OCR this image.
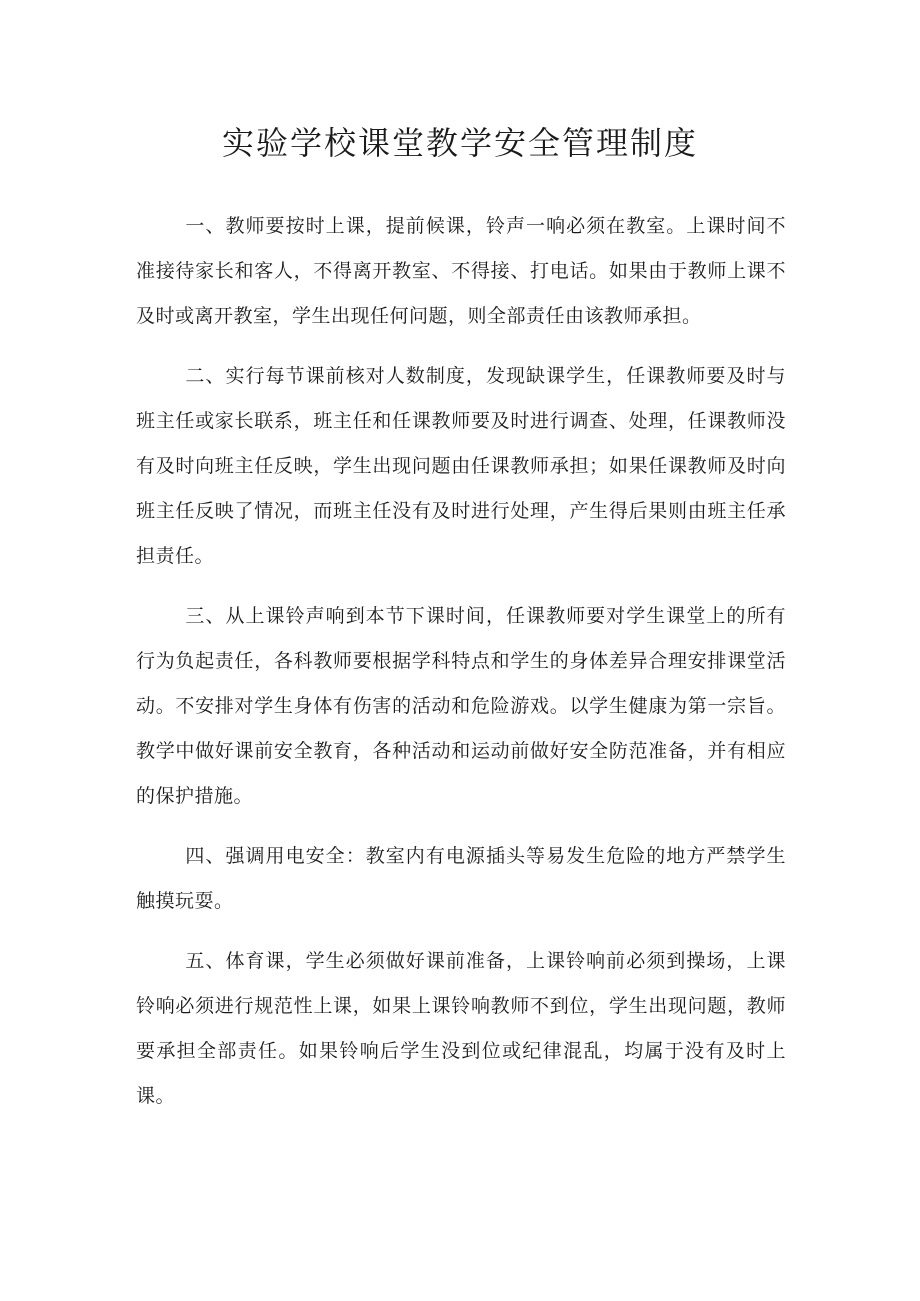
实验学校课堂教学安全管理制度

一、教师要按时上课，提前候课，铃声一响必须在教室。上课时间不准接待家长和客人，不得离开教室、不得接、打电话。如果由于教师上课不及时或离开教室，学生出现任何问题，则全部责任由该教师承担。

二、实行每节课前核对人数制度，发现缺课学生，任课教师要及时与班主任或家长联系，班主任和任课教师要及时进行调查、处理，任课教师没有及时向班主任反映，学生出现问题由任课教师承担；如果任课教师及时向班主任反映了情况，而班主任没有及时进行处理，产生得后果则由班主任承担责任。

三、从上课铃声响到本节下课时间，任课教师要对学生课堂上的所有行为负起责任，各科教师要根据学科特点和学生的身体差异合理安排课堂活动。不安排对学生身体有伤害的活动和危险游戏。以学生健康为第一宗旨。教学中做好课前安全教育，各种活动和运动前做好安全防范准备，并有相应的保护措施。

四、强调用电安全：教室内有电源插头等易发生危险的地方严禁学生触摸玩耍。

五、体育课，学生必须做好课前准备，上课铃响前必须到操场，上课铃响必须进行规范性上课，如果上课铃响教师不到位，学生出现问题，教师要承担全部责任。如果铃响后学生没到位或纪律混乱，均属于没有及时上课。
